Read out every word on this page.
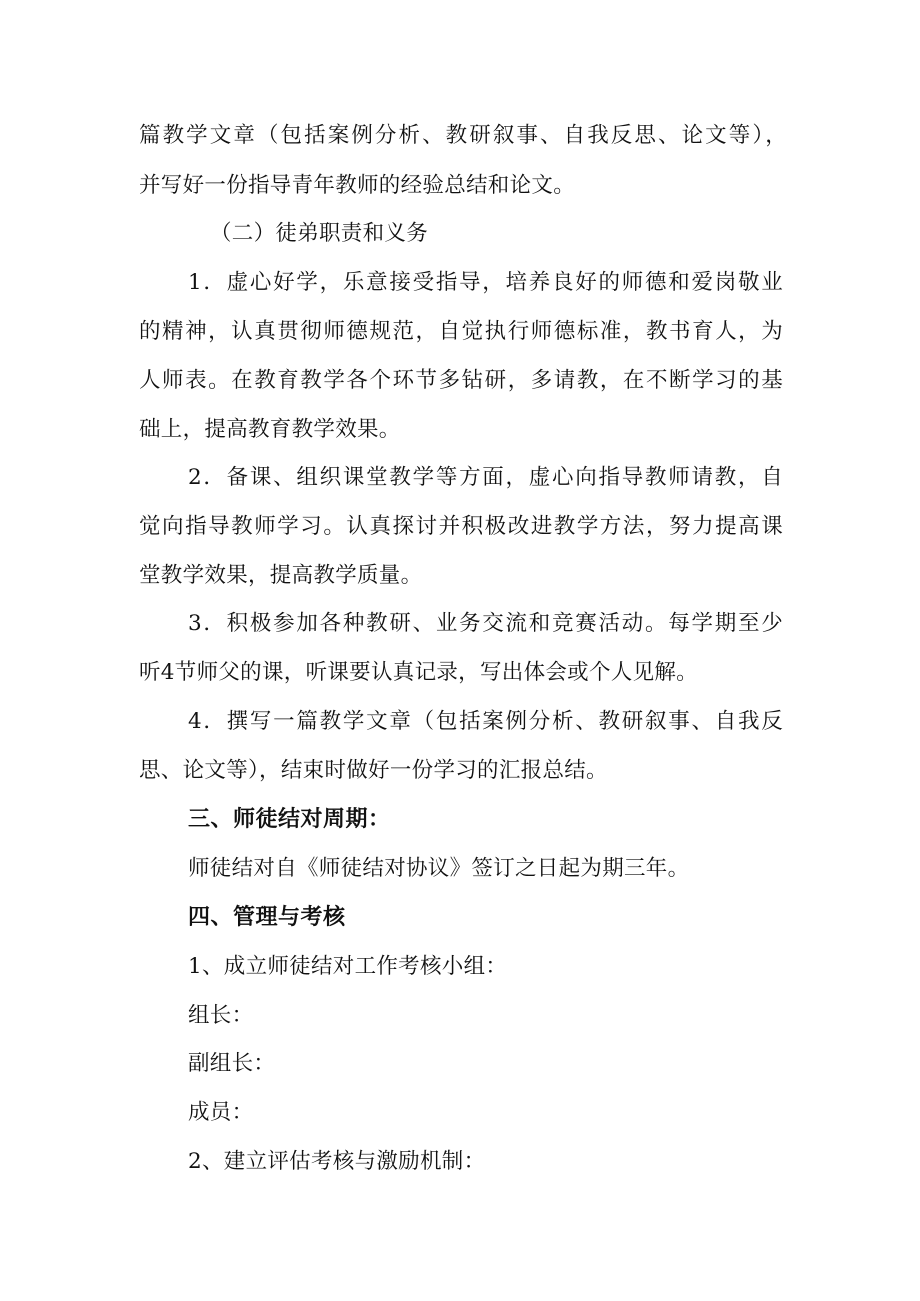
篇教学文章（包括案例分析、教研叙事、自我反思、论文等），

并写好一份指导青年教师的经验总结和论文。

（二）徒弟职责和义务

1．虚心好学，乐意接受指导，培养良好的师德和爱岗敬业

的精神，认真贯彻师德规范，自觉执行师德标准，教书育人，为

人师表。在教育教学各个环节多钻研，多请教，在不断学习的基

础上，提高教育教学效果。

2．备课、组织课堂教学等方面，虚心向指导教师请教，自

觉向指导教师学习。认真探讨并积极改进教学方法，努力提高课

堂教学效果，提高教学质量。

3．积极参加各种教研、业务交流和竞赛活动。每学期至少

听4节师父的课，听课要认真记录，写出体会或个人见解。

4．撰写一篇教学文章（包括案例分析、教研叙事、自我反

思、论文等），结束时做好一份学习的汇报总结。

三、师徒结对周期：

师徒结对自《师徒结对协议》签订之日起为期三年。

四、管理与考核

1、成立师徒结对工作考核小组：

组长：

副组长：

成员：

2、建立评估考核与激励机制：
